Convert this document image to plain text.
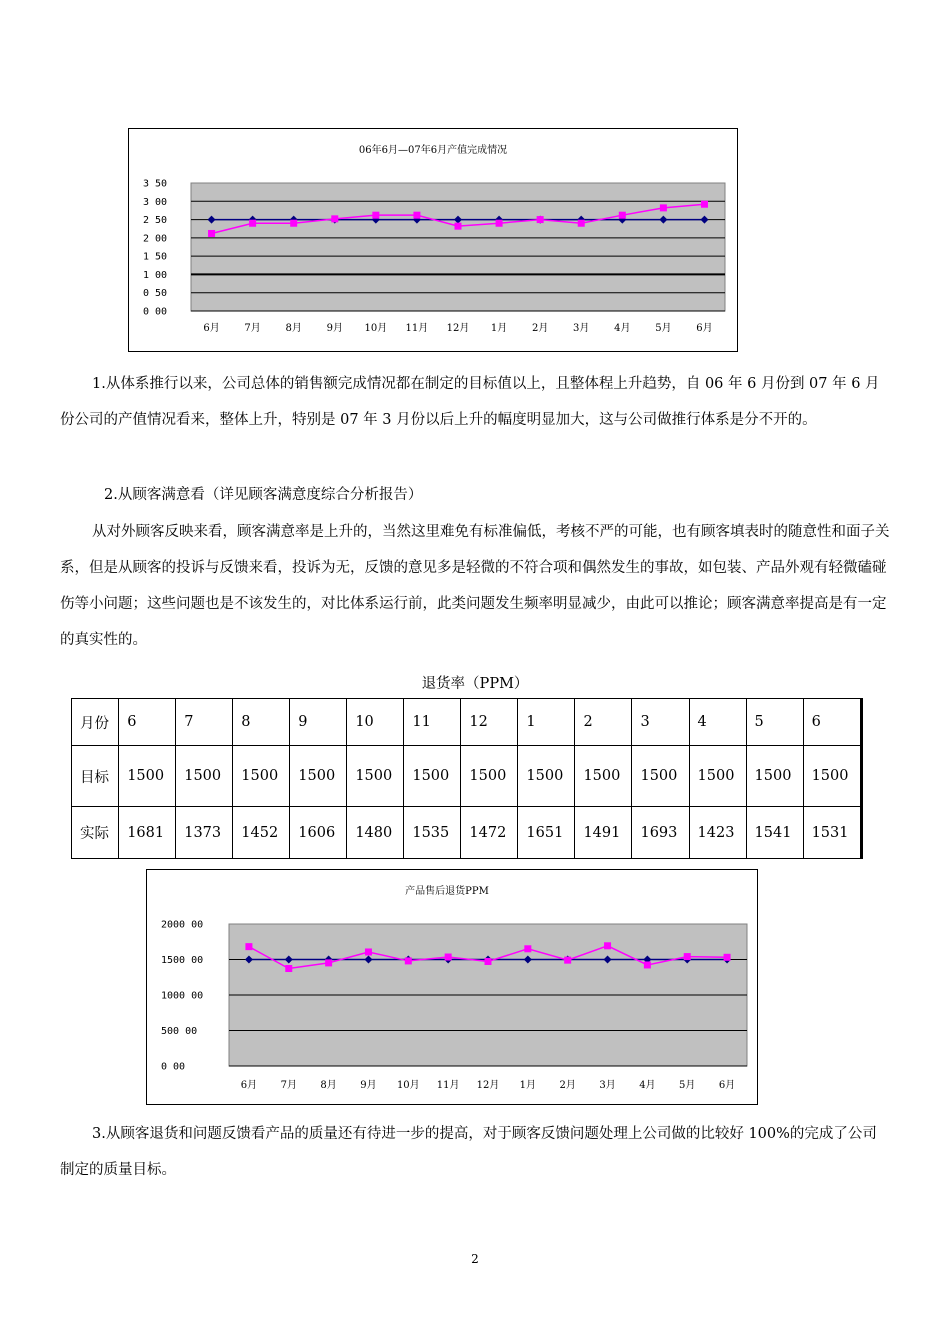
06年6月—07年6月产值完成情况
3 50
3 00
2 50
2 00
1 50
1 00
0 50
0 00
6月 7月 8月 9月 10月 11月 12月 1月 2月 3月 4月 5月 6月

1.从体系推行以来，公司总体的销售额完成情况都在制定的目标值以上，且整体程上升趋势，自 06 年 6 月份到 07 年 6 月份公司的产值情况看来，整体上升，特别是 07 年 3 月份以后上升的幅度明显加大，这与公司做推行体系是分不开的。

2.从顾客满意看（详见顾客满意度综合分析报告）

从对外顾客反映来看，顾客满意率是上升的，当然这里难免有标准偏低，考核不严的可能，也有顾客填表时的随意性和面子关系，但是从顾客的投诉与反馈来看，投诉为无，反馈的意见多是轻微的不符合项和偶然发生的事故，如包装、产品外观有轻微磕碰伤等小问题；这些问题也是不该发生的，对比体系运行前，此类问题发生频率明显减少，由此可以推论；顾客满意率提高是有一定的真实性的。

退货率（PPM）
月份	6	7	8	9	10	11	12	1	2	3	4	5	6
目标	1500	1500	1500	1500	1500	1500	1500	1500	1500	1500	1500	1500	1500
实际	1681	1373	1452	1606	1480	1535	1472	1651	1491	1693	1423	1541	1531
产品售后退货PPM
2000 00
1500 00
1000 00
500 00
0 00
6月 7月 8月 9月 10月 11月 12月 1月 2月 3月 4月 5月 6月

3.从顾客退货和问题反馈看产品的质量还有待进一步的提高，对于顾客反馈问题处理上公司做的比较好 100%的完成了公司制定的质量目标。

2
